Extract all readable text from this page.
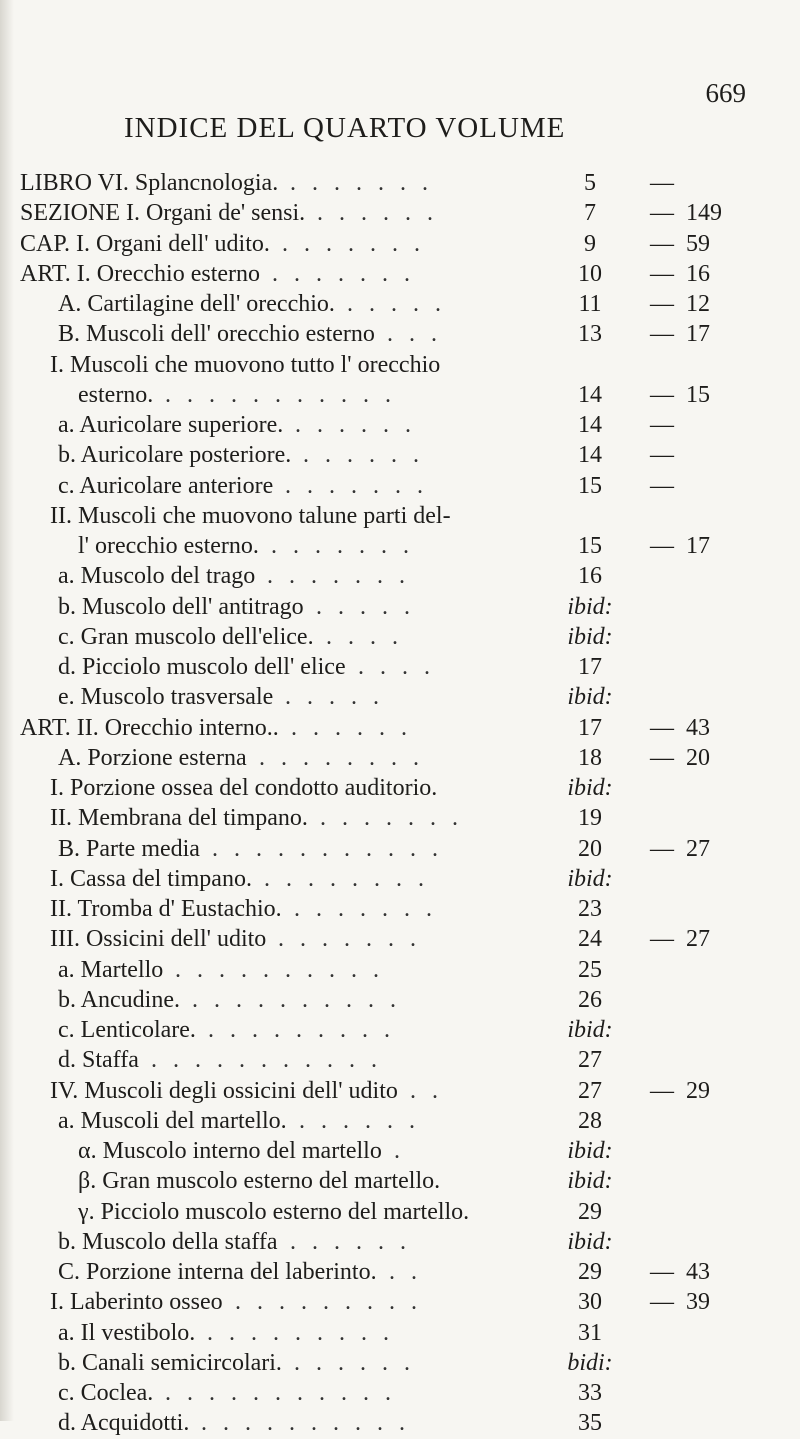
669
INDICE DEL QUARTO VOLUME
LIBRO VI. Splancnologia. . . . . . . .	5	—
SEZIONE I. Organi de' sensi. . . . . . .	7	— 149
CAP. I. Organi dell' udito. . . . . . . .	9	— 59
ART. I. Orecchio esterno . . . . . . .	10	— 16
A. Cartilagine dell' orecchio. . . . . .	11	— 12
B. Muscoli dell' orecchio esterno . . .	13	— 17
I. Muscoli che muovono tutto l' orecchio
esterno. . . . . . . . . . . .	14	— 15
a. Auricolare superiore. . . . . . .	14	—
b. Auricolare posteriore. . . . . . .	14	—
c. Auricolare anteriore . . . . . . .	15	—
II. Muscoli che muovono talune parti del-
l' orecchio esterno. . . . . . . .	15	— 17
a. Muscolo del trago . . . . . . .	16
b. Muscolo dell' antitrago . . . . .	ibid:
c. Gran muscolo dell'elice. . . . .	ibid:
d. Picciolo muscolo dell' elice . . . .	17
e. Muscolo trasversale . . . . .	ibid:
ART. II. Orecchio interno.. . . . . . .	17	— 43
A. Porzione esterna . . . . . . . .	18	— 20
I. Porzione ossea del condotto auditorio.	ibid:
II. Membrana del timpano. . . . . . . .	19
B. Parte media . . . . . . . . . . .	20	— 27
I. Cassa del timpano. . . . . . . . .	ibid:
II. Tromba d' Eustachio. . . . . . . .	23
III. Ossicini dell' udito . . . . . . .	24	— 27
a. Martello . . . . . . . . . .	25
b. Ancudine. . . . . . . . . . .	26
c. Lenticolare. . . . . . . . . .	ibid:
d. Staffa . . . . . . . . . . .	27
IV. Muscoli degli ossicini dell' udito . .	27	— 29
a. Muscoli del martello. . . . . . .	28
α. Muscolo interno del martello .	ibid:
β. Gran muscolo esterno del martello.	ibid:
γ. Picciolo muscolo esterno del martello.	29
b. Muscolo della staffa . . . . . .	ibid:
C. Porzione interna del laberinto. . .	29	— 43
I. Laberinto osseo . . . . . . . . .	30	— 39
a. Il vestibolo. . . . . . . . . .	31
b. Canali semicircolari. . . . . . .	bidi:
c. Coclea. . . . . . . . . . . .	33
d. Acquidotti. . . . . . . . . . .	35
